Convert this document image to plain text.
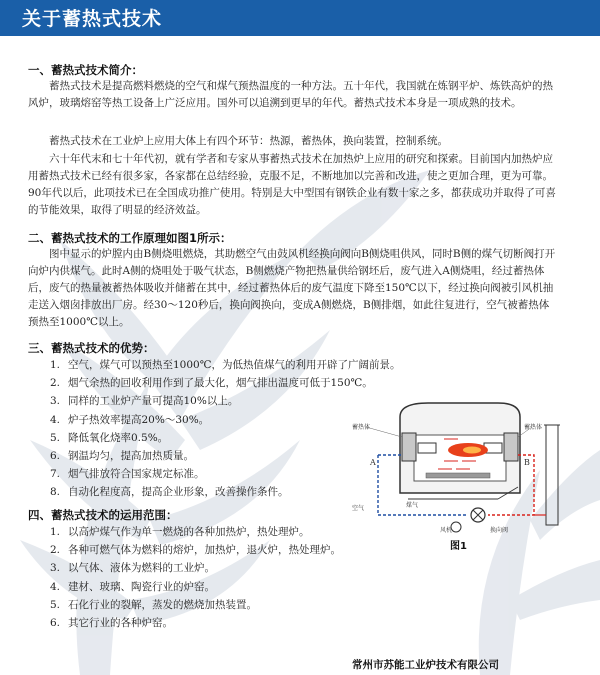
关于蓄热式技术
一、蓄热式技术简介：

蓄热式技术是提高燃料燃烧的空气和煤气预热温度的一种方法。五十年代，我国就在炼钢平炉、炼铁高炉的热风炉，玻璃熔窑等热工设备上广泛应用。国外可以追溯到更早的年代。蓄热式技术本身是一项成熟的技术。

蓄热式技术在工业炉上应用大体上有四个环节：热源，蓄热体，换向装置，控制系统。

六十年代末和七十年代初，就有学者和专家从事蓄热式技术在加热炉上应用的研究和探索。目前国内加热炉应用蓄热式技术已经有很多家，各家都在总结经验，克服不足，不断地加以完善和改进，使之更加合理，更为可靠。90年代以后，此项技术已在全国成功推广使用。特别是大中型国有钢铁企业有数十家之多，都获成功并取得了可喜的节能效果，取得了明显的经济效益。

二、蓄热式技术的工作原理如图1所示：

图中显示的炉膛内由B侧烧咀燃烧，其助燃空气由鼓风机经换向阀向B侧烧咀供风，同时B侧的煤气切断阀打开向炉内供煤气。此时A侧的烧咀处于吸气状态，B侧燃烧产物把热量供给钢坯后，废气进入A侧烧咀，经过蓄热体后，废气的热量被蓄热体吸收并储蓄在其中，经过蓄热体后的废气温度下降至150℃以下，经过换向阀被引风机抽走送入烟囱排放出厂房。经30～120秒后，换向阀换向，变成A侧燃烧，B侧排烟，如此往复进行，空气被蓄热体预热至1000℃以上。

三、蓄热式技术的优势：
1. 空气，煤气可以预热至1000℃，为低热值煤气的利用开辟了广阔前景。
2. 烟气余热的回收利用作到了最大化，烟气排出温度可低于150℃。
3. 同样的工业炉产量可提高10%以上。
4. 炉子热效率提高20%～30%。
5. 降低氧化烧率0.5%。
6. 钢温均匀，提高加热质量。
7. 烟气排放符合国家规定标准。
8. 自动化程度高，提高企业形象，改善操作条件。
四、蓄热式技术的运用范围：
1. 以高炉煤气作为单一燃烧的各种加热炉，热处理炉。
2. 各种可燃气体为燃料的熔炉，加热炉，退火炉，热处理炉。
3. 以气体、液体为燃料的工业炉。
4. 建材、玻璃、陶瓷行业的炉窑。
5. 石化行业的裂解，蒸发的燃烧加热装置。
6. 其它行业的各种炉窑。
A	B
蓄热体	蓄热体
空气	煤气
风机	换向阀
图1
常州市苏能工业炉技术有限公司
